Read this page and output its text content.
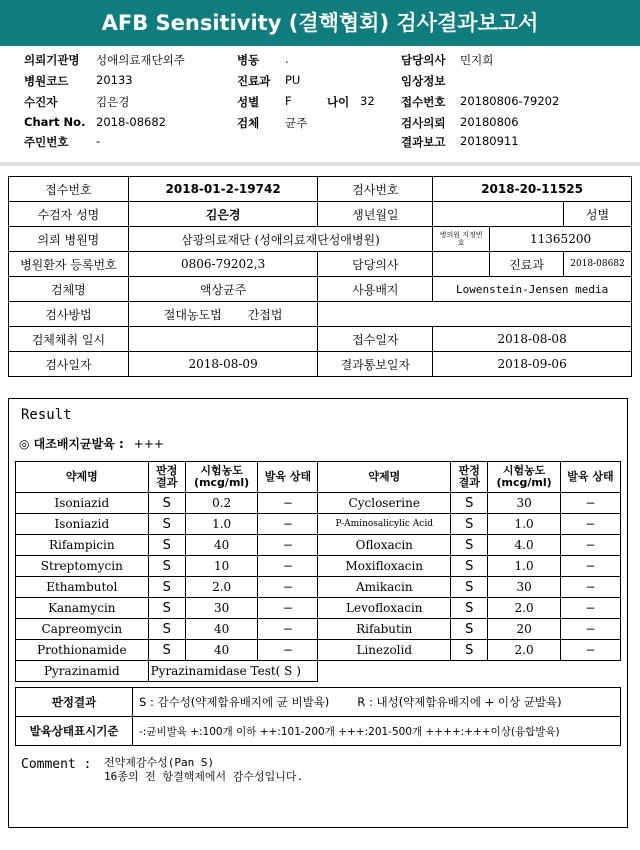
AFB Sensitivity (결핵협회) 검사결과보고서
의뢰기관명 성애의료재단외주	병동 .	담당의사 민지희
병원코드 20133	진료과 PU	임상정보
수진자	김은경	성별 F	나이 32 접수번호 20180806-79202
Chart No. 2018-08682	검체 균주	검사의뢰 20180806
주민번호 -	결과보고 20180911
접수번호	2018-01-2-19742	검사번호	2018-20-11525		
수검자 성명	김은경	생년월일			성별
의뢰 병원명	삼광의료재단 (성애의료재단성애병원)		병의원 지정번호	11365200	
병원환자 등록번호	0806-79202,3	담당의사		진료과	2018-08682
검체명	액상균주	사용배지	Lowenstein-Jensen media		
검사방법	절대농도법 간접법				
검체채취 일시		접수일자	2018-08-08		
검사일자	2018-08-09	결과통보일자	2018-09-06		
Result
◎ 대조배지균발육 : +++
약제명	판정 결과	시험농도 (mcg/ml)	발육 상태	약제명	판정 결과	시험농도 (mcg/ml)	발육 상태
Isoniazid	S	0.2	−	Cycloserine	S	30	−
Isoniazid	S	1.0	−	P-Aminosalicylic Acid	S	1.0	−
Rifampicin	S	40	−	Ofloxacin	S	4.0	−
Streptomycin	S	10	−	Moxifloxacin	S	1.0	−
Ethambutol	S	2.0	−	Amikacin	S	30	−
Kanamycin	S	30	−	Levofloxacin	S	2.0	−
Capreomycin	S	40	−	Rifabutin	S	20	−
Prothionamide	S	40	−	Linezolid	S	2.0	−
Pyrazinamid	Pyrazinamidase Test( S )						
판정결과	S : 감수성(약제함유배지에 균 비발육) R : 내성(약제함유배지에 + 이상 균발육)
발육상태표시기준	-:균비발육 +:100개 이하 ++:101-200개 +++:201-500개 ++++:+++이상(융합발육)
Comment : 전약제감수성(Pan S)
16종의 전 항결핵제에서 감수성입니다.
